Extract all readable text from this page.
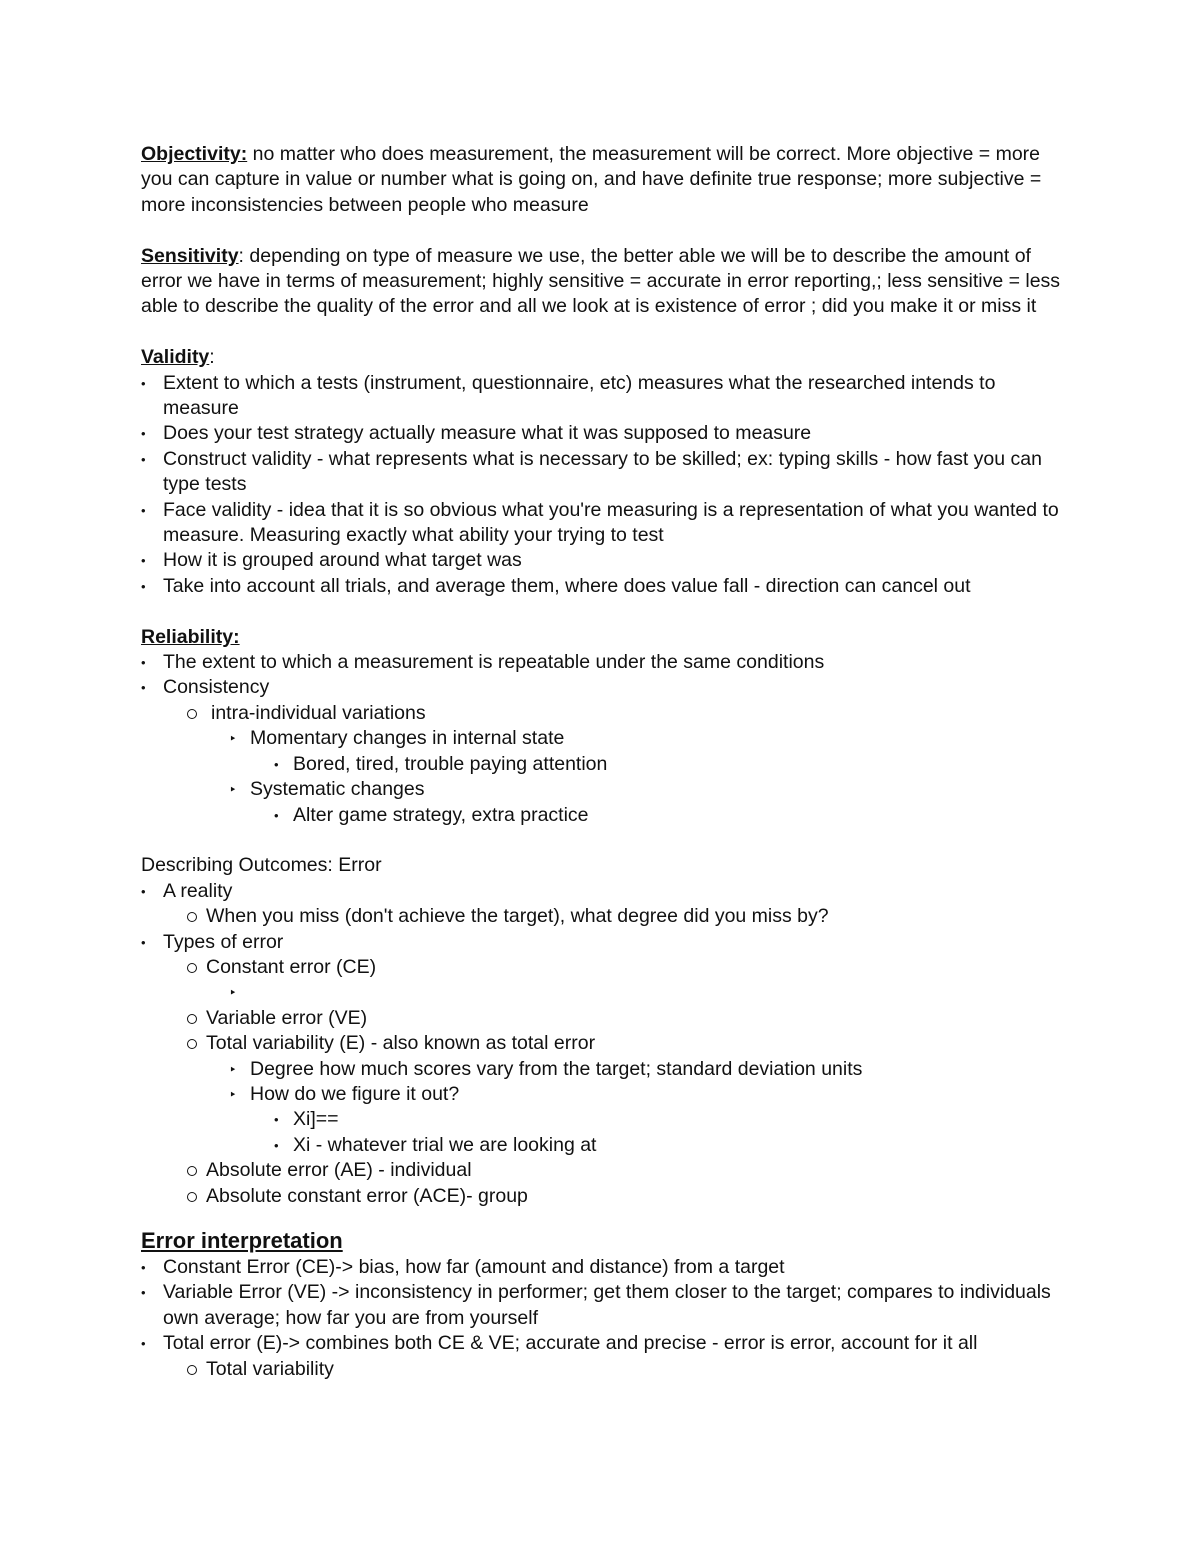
Objectivity: no matter who does measurement, the measurement will be correct. More objective = more you can capture in value or number what is going on, and have definite true response; more subjective = more inconsistencies between people who measure

Sensitivity: depending on type of measure we use, the better able we will be to describe the amount of error we have in terms of measurement; highly sensitive = accurate in error reporting,; less sensitive = less able to describe the quality of the error and all we look at is existence of error ; did you make it or miss it

Validity:

• Extent to which a tests (instrument, questionnaire, etc) measures what the researched intends to measure
• Does your test strategy actually measure what it was supposed to measure
• Construct validity - what represents what is necessary to be skilled; ex: typing skills - how fast you can type tests
• Face validity - idea that it is so obvious what you're measuring is a representation of what you wanted to measure. Measuring exactly what ability your trying to test
• How it is grouped around what target was
• Take into account all trials, and average them, where does value fall - direction can cancel out

Reliability:

• The extent to which a measurement is repeatable under the same conditions
• Consistency
intra-individual variations
‣ Momentary changes in internal state
• Bored, tired, trouble paying attention
‣ Systematic changes
• Alter game strategy, extra practice

Describing Outcomes: Error

• A reality
When you miss (don't achieve the target), what degree did you miss by?
• Types of error
Constant error (CE)
‣
Variable error (VE)
Total variability (E) - also known as total error
‣ Degree how much scores vary from the target; standard deviation units
‣ How do we figure it out?
• Xi]==
• Xi - whatever trial we are looking at
Absolute error (AE) - individual
Absolute constant error (ACE)- group

Error interpretation

• Constant Error (CE)-> bias, how far (amount and distance) from a target
• Variable Error (VE) -> inconsistency in performer; get them closer to the target; compares to individuals own average; how far you are from yourself
• Total error (E)-> combines both CE & VE; accurate and precise - error is error, account for it all
Total variability
